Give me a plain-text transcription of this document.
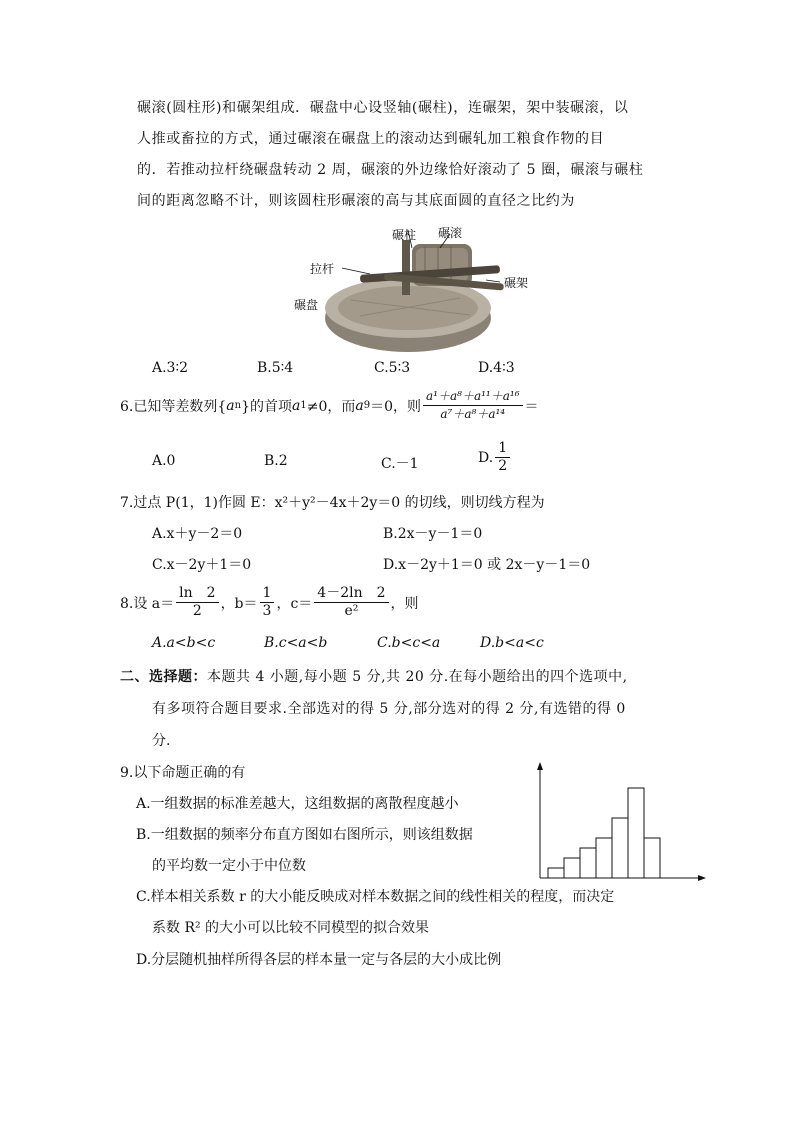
碾滚(圆柱形)和碾架组成．碾盘中心设竖轴(碾柱)，连碾架，架中装碾滚，以
人推或畜拉的方式，通过碾滚在碾盘上的滚动达到碾轧加工粮食作物的目
的．若推动拉杆绕碾盘转动 2 周，碾滚的外边缘恰好滚动了 5 圈，碾滚与碾柱
间的距离忽略不计，则该圆柱形碾滚的高与其底面圆的直径之比约为
碾柱 碾滚
拉杆
碾架
碾盘
A.3∶2	B.5∶4	C.5∶3	D.4∶3
6.已知等差数列{ a n }的首项 a 1 ≠0，而 a 9 ＝0，则 $\frac{\text{a¹＋a⁸＋a¹¹＋a¹⁶}}{\text{a⁷＋a⁸＋a¹⁴}}$ ＝
A.0	B.2	C.－1	D. $\frac{1}{2}$
7.过点 P(1，1)作圆 E：x²＋y²－4x＋2y＝0 的切线，则切线方程为
A.x＋y－2＝0	B.2x－y－1＝0
C.x－2y＋1＝0	D.x－2y＋1＝0 或 2x－y－1＝0
8.设 $a= \frac{\ln 2}{2}$ ，$b= \frac{1}{3}$ ，$c= \frac{4-2\ln 2}{\text{e²}}$ ，则
A.a<b<c	B.c<a<b	C.b<c<a	D.b<a<c
二、选择题：本题共 4 小题,每小题 5 分,共 20 分.在每小题给出的四个选项中,
有多项符合题目要求.全部选对的得 5 分,部分选对的得 2 分,有选错的得 0
分.
9.以下命题正确的有
A.一组数据的标准差越大，这组数据的离散程度越小
B.一组数据的频率分布直方图如右图所示，则该组数据
的平均数一定小于中位数
C.样本相关系数 r 的大小能反映成对样本数据之间的线性相关的程度，而决定
系数 R² 的大小可以比较不同模型的拟合效果
D.分层随机抽样所得各层的样本量一定与各层的大小成比例
